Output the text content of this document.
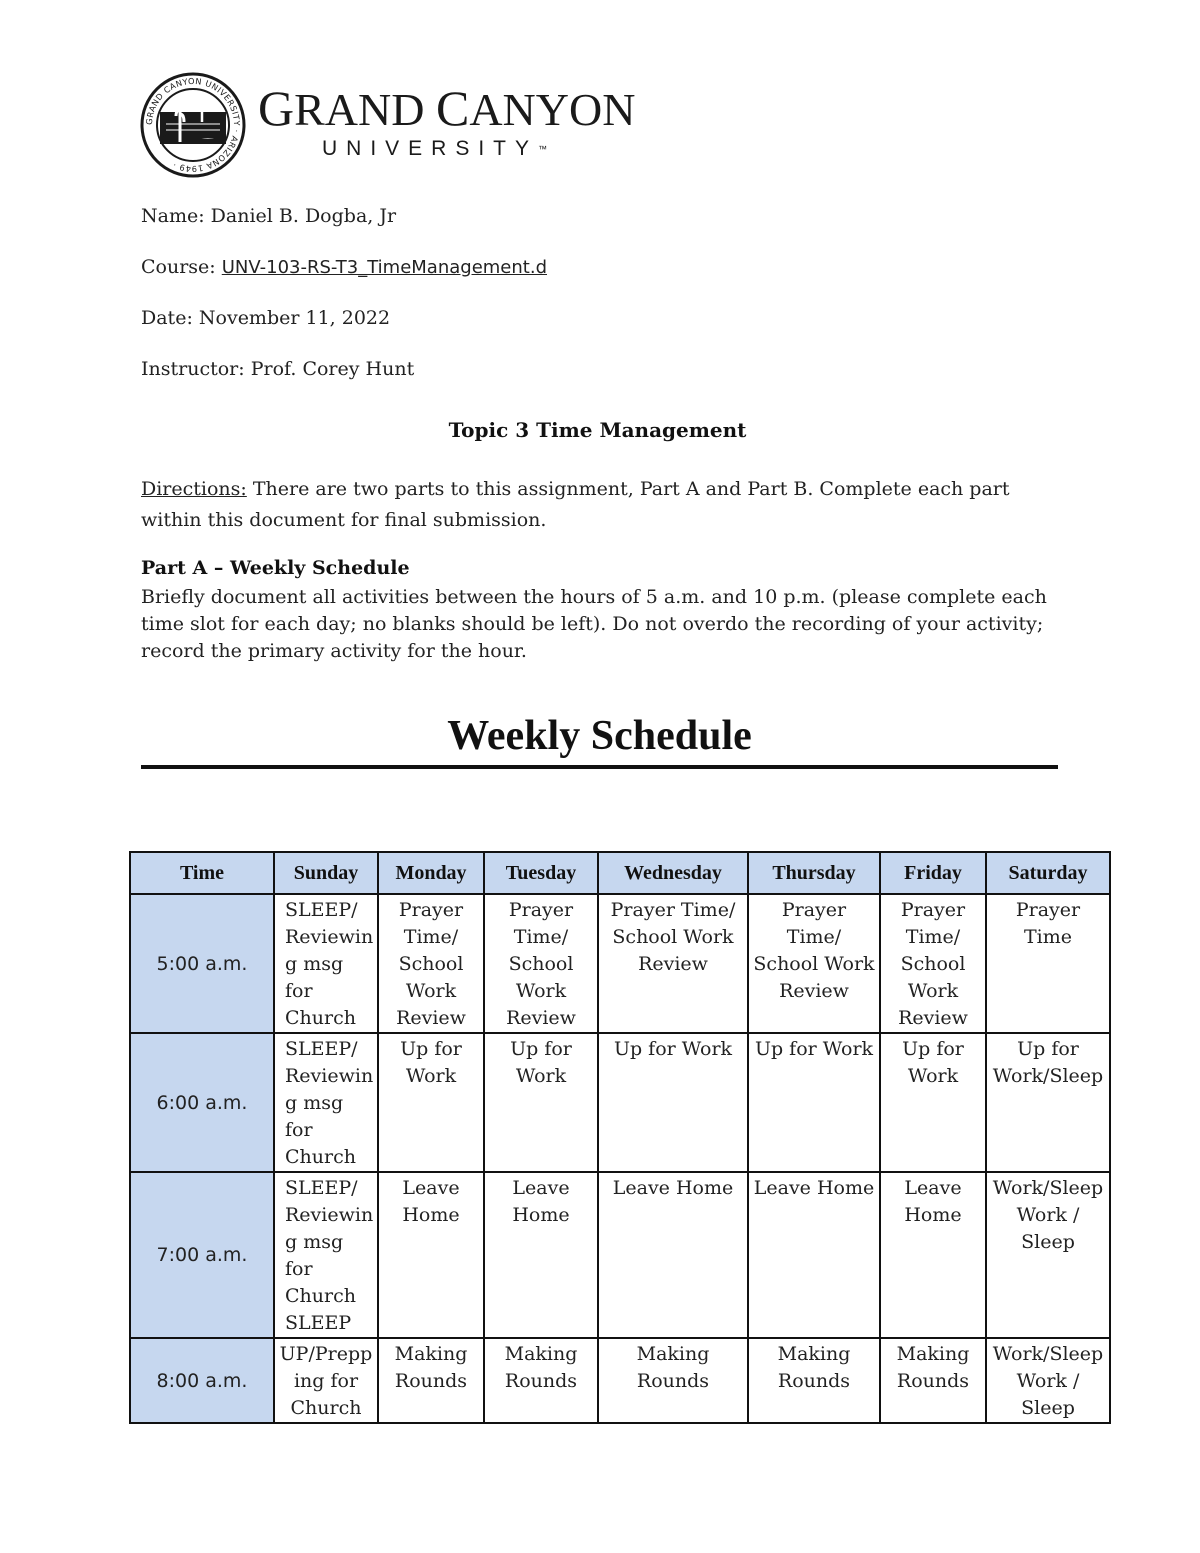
GRAND CANYON UNIVERSITY · ARIZONA 1949 ·
GRAND CANYON
UNIVERSITY™
Name: Daniel B. Dogba, Jr
Course: UNV-103-RS-T3_TimeManagement.d
Date: November 11, 2022
Instructor: Prof. Corey Hunt
Topic 3 Time Management
Directions: There are two parts to this assignment, Part A and Part B. Complete each part within this document for final submission.
Part A – Weekly Schedule
Briefly document all activities between the hours of 5 a.m. and 10 p.m. (please complete each time slot for each day; no blanks should be left). Do not overdo the recording of your activity; record the primary activity for the hour.
Weekly Schedule
Time	Sunday	Monday	Tuesday	Wednesday	Thursday	Friday	Saturday
5:00 a.m.	SLEEP/ Reviewing msg for Church	Prayer Time/ School Work Review	Prayer Time/ School Work Review	Prayer Time/ School Work Review	Prayer Time/ School Work Review	Prayer Time/ School Work Review	Prayer Time
6:00 a.m.	SLEEP/ Reviewing msg for Church	Up for Work	Up for Work	Up for Work	Up for Work	Up for Work	Up for Work/Sleep
7:00 a.m.	SLEEP/ Reviewing msg for Church SLEEP	Leave Home	Leave Home	Leave Home	Leave Home	Leave Home	Work/Sleep Work / Sleep
8:00 a.m.	UP/Prepping for Church	Making Rounds	Making Rounds	Making Rounds	Making Rounds	Making Rounds	Work/Sleep Work / Sleep
